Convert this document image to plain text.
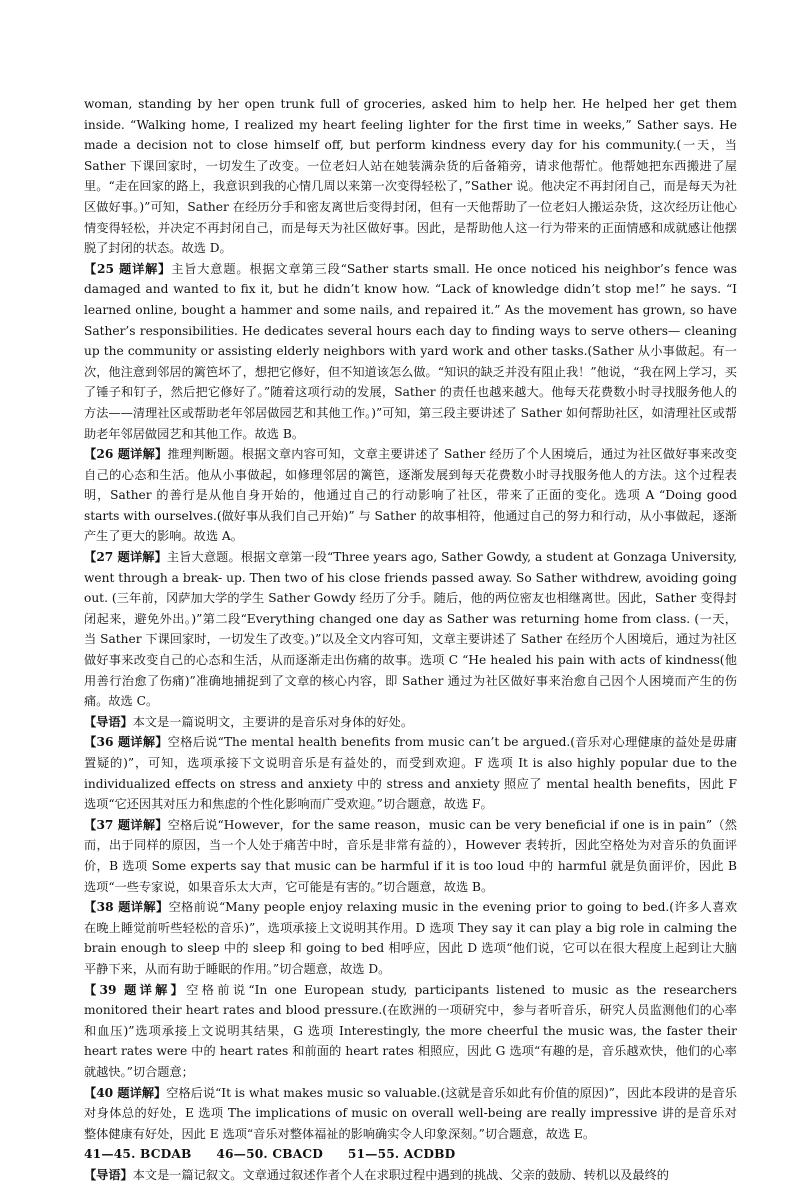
woman, standing by her open trunk full of groceries, asked him to help her. He helped her get them inside. “Walking home, I realized my heart feeling lighter for the first time in weeks,” Sather says. He made a decision not to close himself off, but perform kindness every day for his community.(一天，当 Sather 下课回家时，一切发生了改变。一位老妇人站在她装满杂货的后备箱旁，请求他帮忙。他帮她把东西搬进了屋里。“走在回家的路上，我意识到我的心情几周以来第一次变得轻松了，”Sather 说。他决定不再封闭自己，而是每天为社区做好事。)”可知，Sather 在经历分手和密友离世后变得封闭，但有一天他帮助了一位老妇人搬运杂货，这次经历让他心情变得轻松，并决定不再封闭自己，而是每天为社区做好事。因此，是帮助他人这一行为带来的正面情感和成就感让他摆脱了封闭的状态。故选 D。

【25 题详解】主旨大意题。根据文章第三段“Sather starts small. He once noticed his neighbor’s fence was damaged and wanted to fix it, but he didn’t know how. “Lack of knowledge didn’t stop me!” he says. “I learned online, bought a hammer and some nails, and repaired it.” As the movement has grown, so have Sather’s responsibilities. He dedicates several hours each day to finding ways to serve others— cleaning up the community or assisting elderly neighbors with yard work and other tasks.(Sather 从小事做起。有一次，他注意到邻居的篱笆坏了，想把它修好，但不知道该怎么做。“知识的缺乏并没有阻止我！”他说，“我在网上学习，买了锤子和钉子，然后把它修好了。”随着这项行动的发展，Sather 的责任也越来越大。他每天花费数小时寻找服务他人的方法——清理社区或帮助老年邻居做园艺和其他工作。)”可知，第三段主要讲述了 Sather 如何帮助社区，如清理社区或帮助老年邻居做园艺和其他工作。故选 B。

【26 题详解】推理判断题。根据文章内容可知，文章主要讲述了 Sather 经历了个人困境后，通过为社区做好事来改变自己的心态和生活。他从小事做起，如修理邻居的篱笆，逐渐发展到每天花费数小时寻找服务他人的方法。这个过程表明，Sather 的善行是从他自身开始的，他通过自己的行动影响了社区，带来了正面的变化。选项 A “Doing good starts with ourselves.(做好事从我们自己开始)” 与 Sather 的故事相符，他通过自己的努力和行动，从小事做起，逐渐产生了更大的影响。故选 A。

【27 题详解】主旨大意题。根据文章第一段“Three years ago, Sather Gowdy, a student at Gonzaga University, went through a break- up. Then two of his close friends passed away. So Sather withdrew, avoiding going out. (三年前，冈萨加大学的学生 Sather Gowdy 经历了分手。随后，他的两位密友也相继离世。因此，Sather 变得封闭起来，避免外出。)”第二段“Everything changed one day as Sather was returning home from class. (一天，当 Sather 下课回家时，一切发生了改变。)”以及全文内容可知，文章主要讲述了 Sather 在经历个人困境后，通过为社区做好事来改变自己的心态和生活，从而逐渐走出伤痛的故事。选项 C “He healed his pain with acts of kindness(他用善行治愈了伤痛)”准确地捕捉到了文章的核心内容，即 Sather 通过为社区做好事来治愈自己因个人困境而产生的伤痛。故选 C。

【导语】本文是一篇说明文，主要讲的是音乐对身体的好处。

【36 题详解】空格后说“The mental health benefits from music can’t be argued.(音乐对心理健康的益处是毋庸置疑的)”，可知，选项承接下文说明音乐是有益处的，而受到欢迎。F 选项 It is also highly popular due to the individualized effects on stress and anxiety 中的 stress and anxiety 照应了 mental health benefits，因此 F 选项“它还因其对压力和焦虑的个性化影响而广受欢迎。”切合题意，故选 F。

【37 题详解】空格后说“However，for the same reason，music can be very beneficial if one is in pain”（然而，出于同样的原因，当一个人处于痛苦中时，音乐是非常有益的），However 表转折，因此空格处为对音乐的负面评价，B 选项 Some experts say that music can be harmful if it is too loud 中的 harmful 就是负面评价，因此 B 选项“一些专家说，如果音乐太大声，它可能是有害的。”切合题意，故选 B。

【38 题详解】空格前说“Many people enjoy relaxing music in the evening prior to going to bed.(许多人喜欢在晚上睡觉前听些轻松的音乐)”，选项承接上文说明其作用。D 选项 They say it can play a big role in calming the brain enough to sleep 中的 sleep 和 going to bed 相呼应，因此 D 选项“他们说，它可以在很大程度上起到让大脑平静下来，从而有助于睡眠的作用。”切合题意，故选 D。

【39 题详解】空格前说“In one European study, participants listened to music as the researchers monitored their heart rates and blood pressure.(在欧洲的一项研究中，参与者听音乐，研究人员监测他们的心率和血压)”选项承接上文说明其结果，G 选项 Interestingly, the more cheerful the music was, the faster their heart rates were 中的 heart rates 和前面的 heart rates 相照应，因此 G 选项“有趣的是，音乐越欢快，他们的心率就越快。”切合题意；

【40 题详解】空格后说“It is what makes music so valuable.(这就是音乐如此有价值的原因)”，因此本段讲的是音乐对身体总的好处，E 选项 The implications of music on overall well-being are really impressive 讲的是音乐对整体健康有好处，因此 E 选项“音乐对整体福祉的影响确实令人印象深刻。”切合题意，故选 E。

41—45. BCDAB　　46—50. CBACD　　51—55. ACDBD

【导语】本文是一篇记叙文。文章通过叙述作者个人在求职过程中遇到的挑战、父亲的鼓励、转机以及最终的
